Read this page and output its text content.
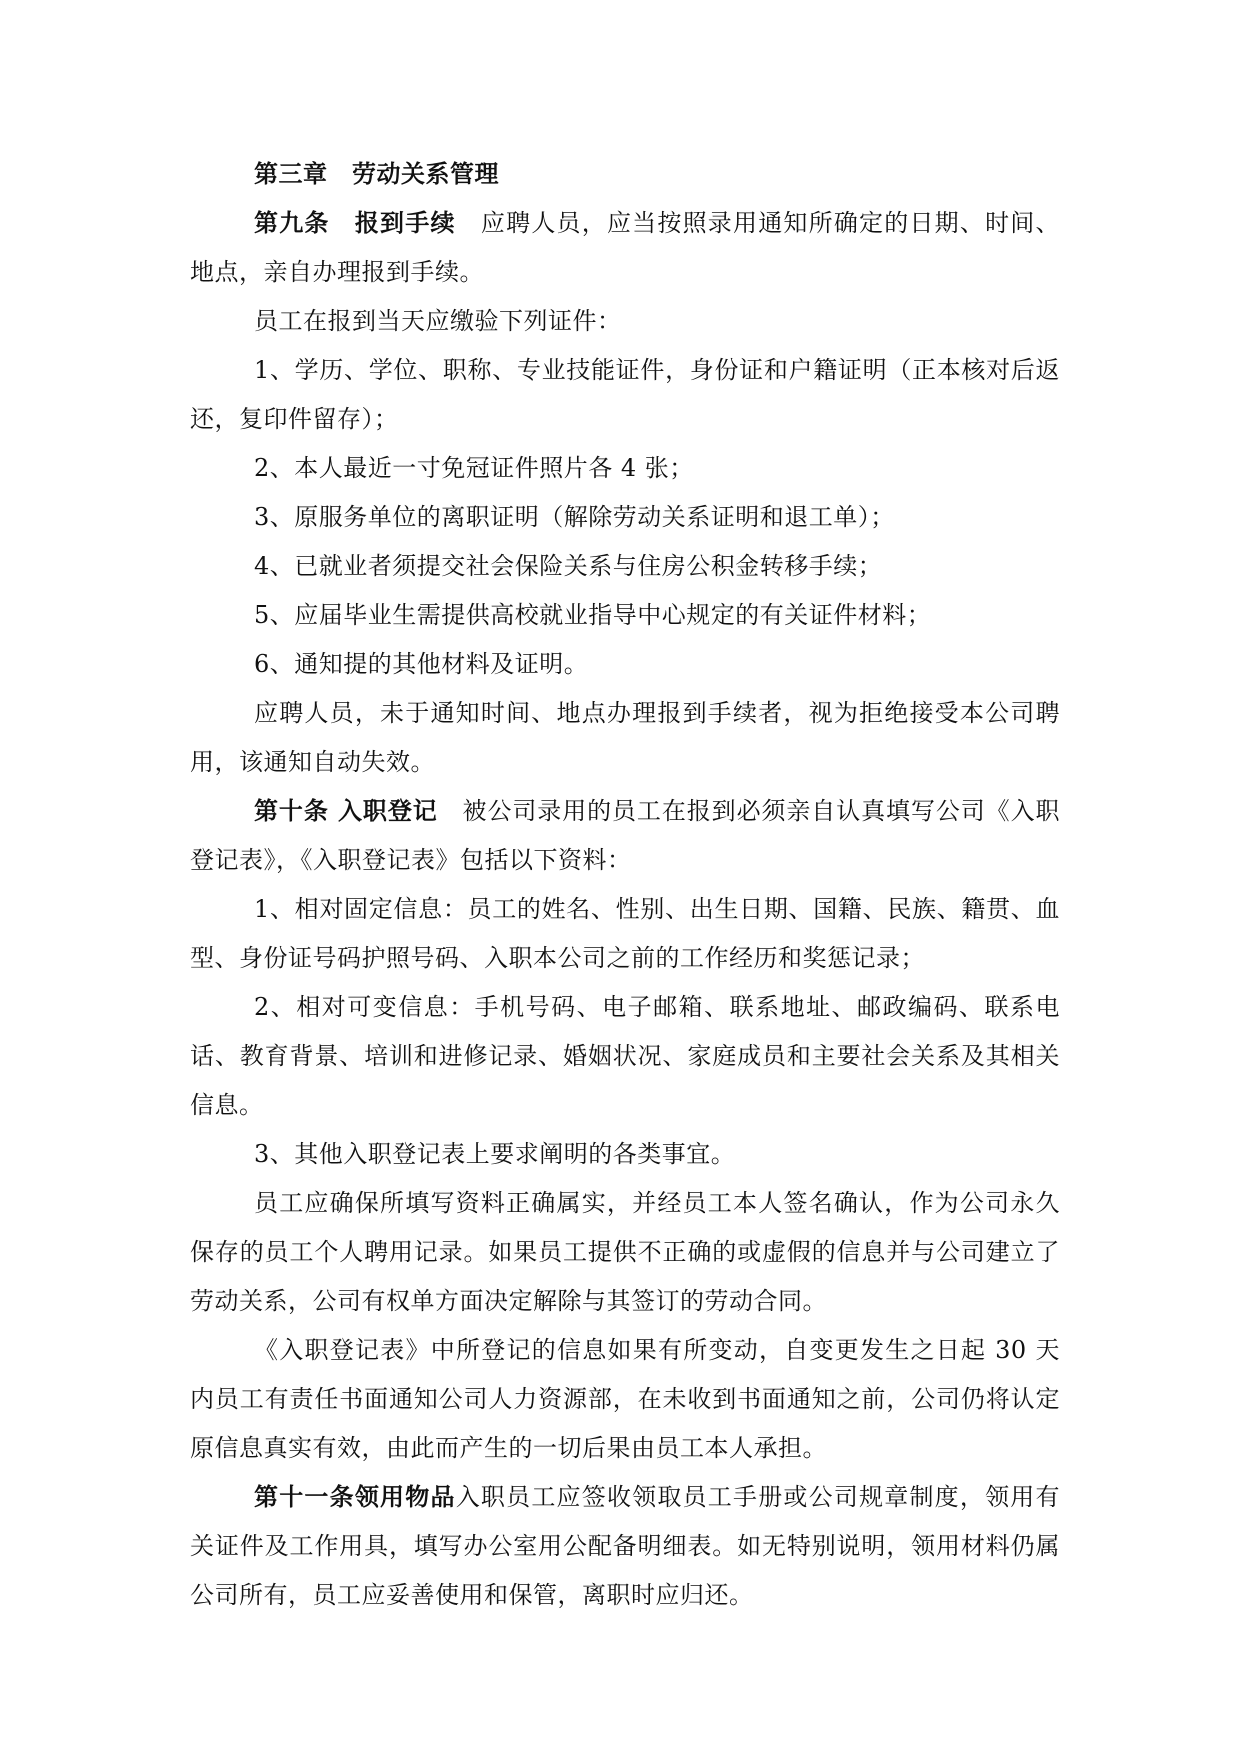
第三章　劳动关系管理

第九条　报到手续　应聘人员，应当按照录用通知所确定的日期、时间、地点，亲自办理报到手续。

员工在报到当天应缴验下列证件：

1、学历、学位、职称、专业技能证件，身份证和户籍证明（正本核对后返还，复印件留存）；

2、本人最近一寸免冠证件照片各 4 张；

3、原服务单位的离职证明（解除劳动关系证明和退工单）；

4、已就业者须提交社会保险关系与住房公积金转移手续；

5、应届毕业生需提供高校就业指导中心规定的有关证件材料；

6、通知提的其他材料及证明。

应聘人员，未于通知时间、地点办理报到手续者，视为拒绝接受本公司聘用，该通知自动失效。

第十条 入职登记　被公司录用的员工在报到必须亲自认真填写公司《入职登记表》，《入职登记表》包括以下资料：

1、相对固定信息：员工的姓名、性别、出生日期、国籍、民族、籍贯、血型、身份证号码护照号码、入职本公司之前的工作经历和奖惩记录；

2、相对可变信息：手机号码、电子邮箱、联系地址、邮政编码、联系电话、教育背景、培训和进修记录、婚姻状况、家庭成员和主要社会关系及其相关信息。

3、其他入职登记表上要求阐明的各类事宜。

员工应确保所填写资料正确属实，并经员工本人签名确认，作为公司永久保存的员工个人聘用记录。如果员工提供不正确的或虚假的信息并与公司建立了劳动关系，公司有权单方面决定解除与其签订的劳动合同。

《入职登记表》中所登记的信息如果有所变动，自变更发生之日起 30 天内员工有责任书面通知公司人力资源部，在未收到书面通知之前，公司仍将认定原信息真实有效，由此而产生的一切后果由员工本人承担。

第十一条领用物品入职员工应签收领取员工手册或公司规章制度，领用有关证件及工作用具，填写办公室用公配备明细表。如无特别说明，领用材料仍属公司所有，员工应妥善使用和保管，离职时应归还。
